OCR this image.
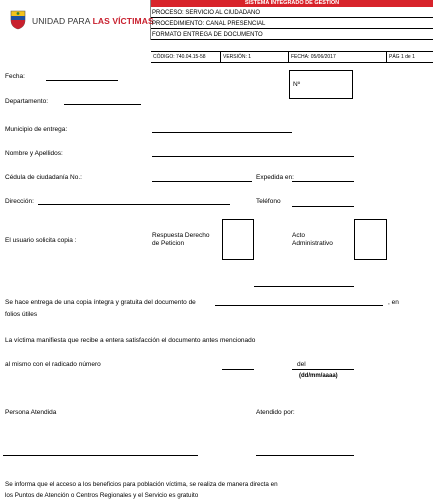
UNIDAD PARA LAS VÍCTIMAS
SISTEMA INTEGRADO DE GESTIÓN
PROCESO: SERVICIO AL CIUDADANO
PROCEDIMIENTO: CANAL PRESENCIAL
FORMATO ENTREGA DE DOCUMENTO
CÓDIGO: 740.04.15-58	VERSIÓN: 1	FECHA: 05/06/2017	PÁG 1 de 1
Fecha:
Nº
Departamento:
Municipio de entrega:
Nombre y Apellidos:
Cédula de ciudadanía No.:	Expedida en:
Dirección:	Teléfono
El usuario solicita copia :
Respuesta Derecho
de Peticion
Acto
Administrativo
Se hace entrega de una copia íntegra y gratuita del documento de	, en
folios útiles
La víctima manifiesta que recibe a entera satisfacción el documento antes mencionado
al mismo con el radicado número	del
(dd/mm/aaaa)
Persona Atendida	Atendido por:
Se informa que el acceso a los beneficios para población víctima, se realiza de manera directa en
los Puntos de Atención o Centros Regionales y el Servicio es gratuito
